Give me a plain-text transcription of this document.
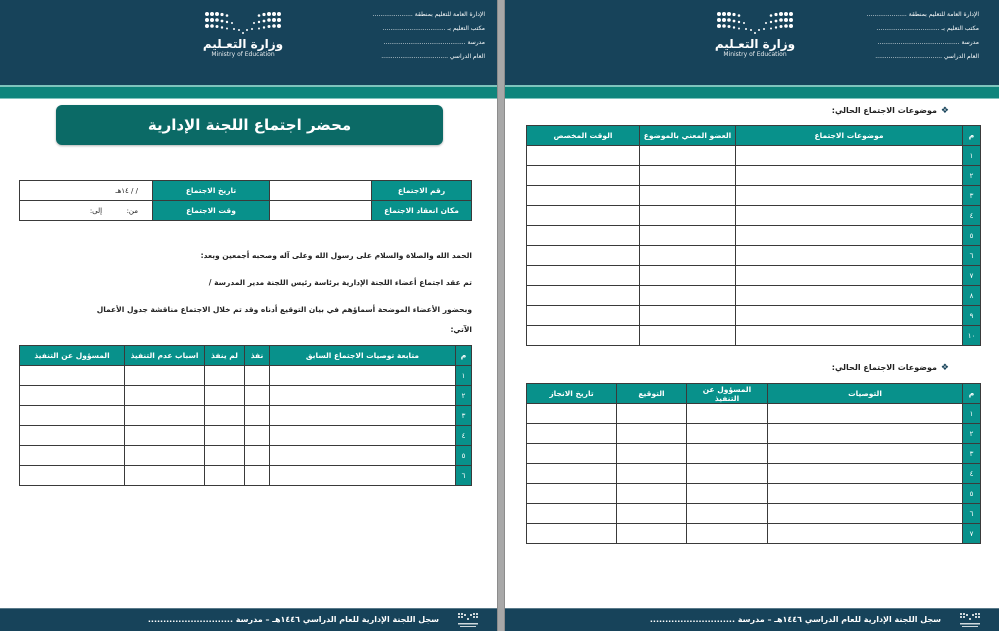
وزارة التعـليم
Ministry of Education
الإدارة العامة للتعليم بمنطقة .....................
مكتب التعليم بـ .................................
مدرسة ...........................................
العام الدراسي ...................................
محضر اجتماع اللجنة الإدارية
رقم الاجتماع		تاريخ الاجتماع	/ / ١٤هـ
مكان انعقاد الاجتماع		وقت الاجتماع	من:  إلى:
الحمد الله والصلاة والسلام على رسول الله وعلى آله وصحبه أجمعين وبعد:
تم عقد اجتماع أعضاء اللجنة الإدارية برئاسة رئيس اللجنة مدير المدرسة /
وبحضور الأعضاء الموضحة أسماؤهم في بيان التوقيع أدناه وقد تم خلال الاجتماع مناقشة جدول الأعمال
الآتي:
م	متابعة توصيات الاجتماع السابق	نفذ	لم ينفذ	اسباب عدم التنفيذ	المسؤول عن التنفيذ
١					
٢					
٣					
٤					
٥					
٦					
سجل اللجنة الإدارية للعام الدراسي ١٤٤٦هـ – مدرسة ............................
وزارة التعـليم
Ministry of Education
الإدارة العامة للتعليم بمنطقة .....................
مكتب التعليم بـ .................................
مدرسة ...........................................
العام الدراسي ...................................
❖موضوعات الاجتماع الحالي:
م	موضوعات الاجتماع	العضو المعني بالموضوع	الوقت المخصص
١			
٢			
٣			
٤			
٥			
٦			
٧			
٨			
٩			
١٠			
❖موضوعات الاجتماع الحالي:
م	التوصيات	المسؤول عن التنفيذ	التوقيع	تاريخ الانجاز
١				
٢				
٣				
٤				
٥				
٦				
٧				
سجل اللجنة الإدارية للعام الدراسي ١٤٤٦هـ – مدرسة ............................
